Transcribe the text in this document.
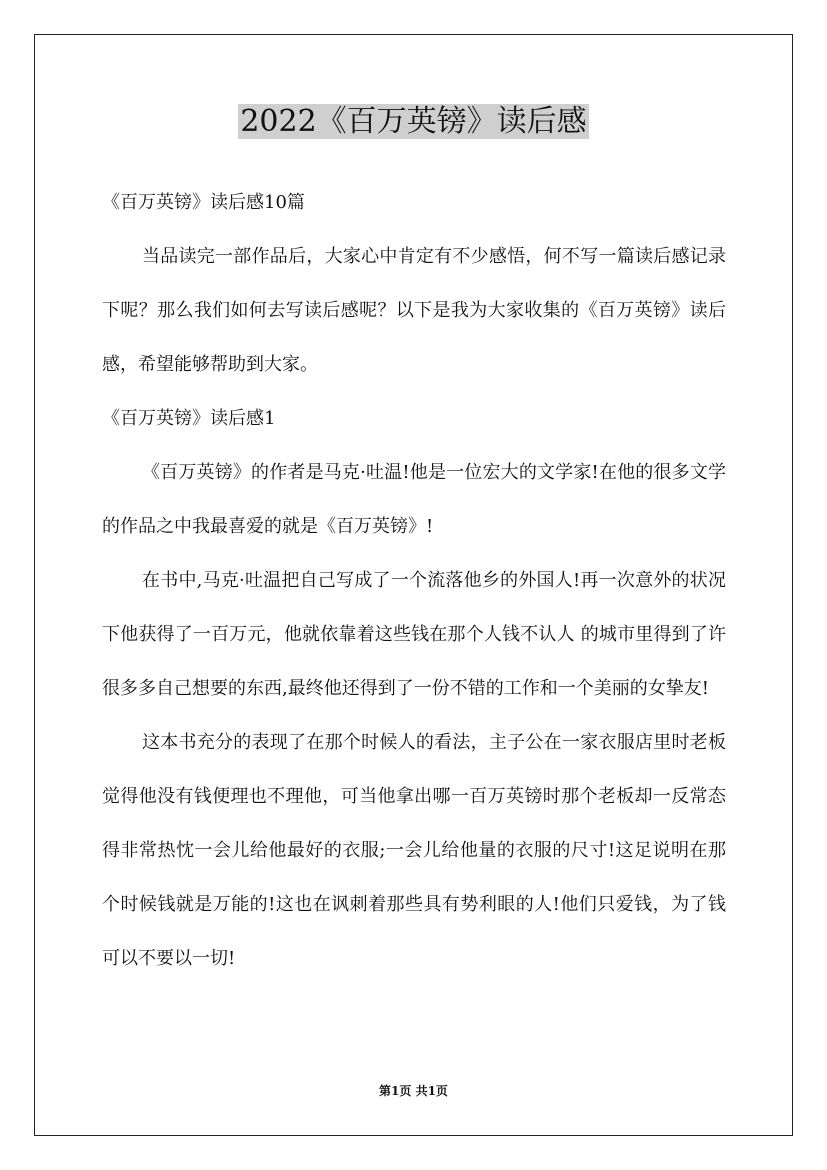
2022《百万英镑》读后感

《百万英镑》读后感10篇

当品读完一部作品后，大家心中肯定有不少感悟，何不写一篇读后感记录下呢？那么我们如何去写读后感呢？以下是我为大家收集的《百万英镑》读后感，希望能够帮助到大家。

《百万英镑》读后感1

《百万英镑》的作者是马克·吐温!他是一位宏大的文学家!在他的很多文学的作品之中我最喜爱的就是《百万英镑》!

在书中,马克·吐温把自己写成了一个流落他乡的外国人!再一次意外的状况下他获得了一百万元，他就依靠着这些钱在那个人钱不认人 的城市里得到了许很多多自己想要的东西,最终他还得到了一份不错的工作和一个美丽的女挚友!

这本书充分的表现了在那个时候人的看法，主子公在一家衣服店里时老板觉得他没有钱便理也不理他，可当他拿出哪一百万英镑时那个老板却一反常态得非常热忱一会儿给他最好的衣服;一会儿给他量的衣服的尺寸!这足说明在那个时候钱就是万能的!这也在讽刺着那些具有势利眼的人!他们只爱钱，为了钱可以不要以一切!

第1页 共1页
